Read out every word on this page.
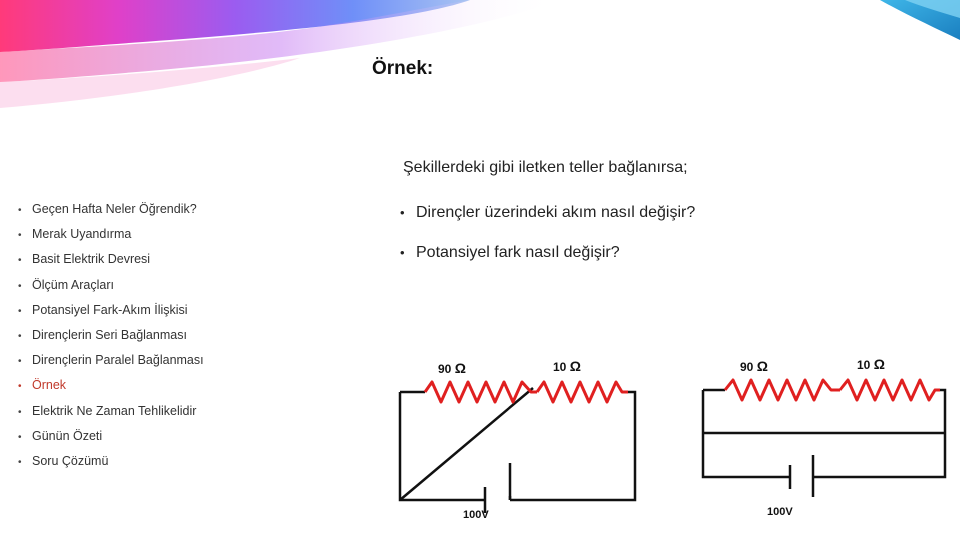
Örnek:
Şekillerdeki gibi iletken teller bağlanırsa;
• Dirençler üzerindeki akım nasıl değişir?
• Potansiyel fark nasıl değişir?
• Geçen Hafta Neler Öğrendik?
• Merak Uyandırma
• Basit Elektrik Devresi
• Ölçüm Araçları
• Potansiyel Fark-Akım İlişkisi
• Dirençlerin Seri Bağlanması
• Dirençlerin Paralel Bağlanması
• Örnek
• Elektrik Ne Zaman Tehlikelidir
• Günün Özeti
• Soru Çözümü
90 Ω	10 Ω
100V
90 Ω	10 Ω
100V
